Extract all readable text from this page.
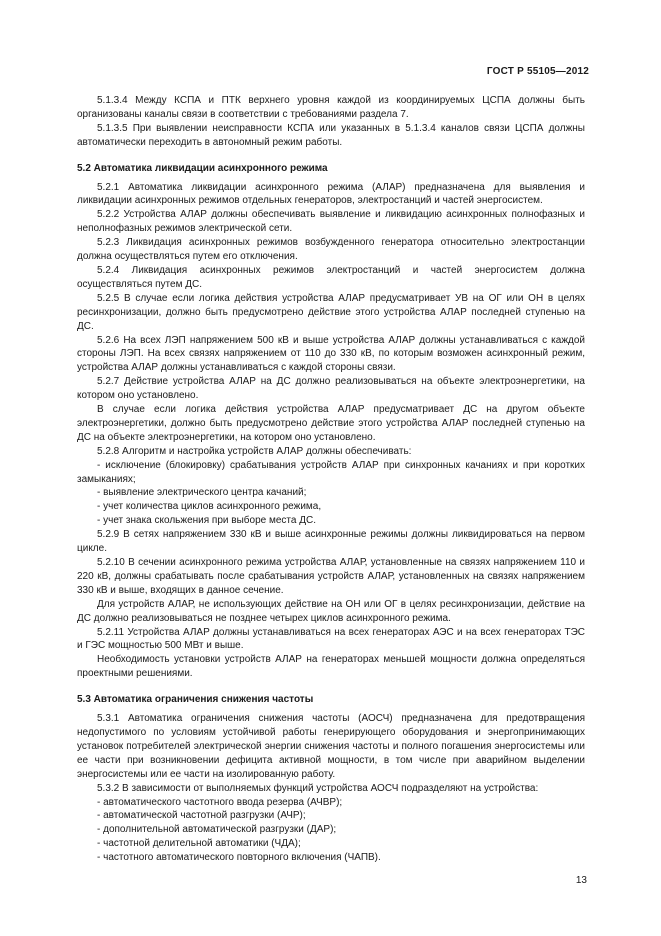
ГОСТ Р 55105—2012

5.1.3.4 Между КСПА и ПТК верхнего уровня каждой из координируемых ЦСПА должны быть организованы каналы связи в соответствии с требованиями раздела 7.

5.1.3.5 При выявлении неисправности КСПА или указанных в 5.1.3.4 каналов связи ЦСПА должны автоматически переходить в автономный режим работы.

5.2 Автоматика ликвидации асинхронного режима

5.2.1 Автоматика ликвидации асинхронного режима (АЛАР) предназначена для выявления и ликвидации асинхронных режимов отдельных генераторов, электростанций и частей энергосистем.

5.2.2 Устройства АЛАР должны обеспечивать выявление и ликвидацию асинхронных полнофазных и неполнофазных режимов электрической сети.

5.2.3 Ликвидация асинхронных режимов возбужденного генератора относительно электростанции должна осуществляться путем его отключения.

5.2.4 Ликвидация асинхронных режимов электростанций и частей энергосистем должна осуществляться путем ДС.

5.2.5 В случае если логика действия устройства АЛАР предусматривает УВ на ОГ или ОН в целях ресинхронизации, должно быть предусмотрено действие этого устройства АЛАР последней ступенью на ДС.

5.2.6 На всех ЛЭП напряжением 500 кВ и выше устройства АЛАР должны устанавливаться с каждой стороны ЛЭП. На всех связях напряжением от 110 до 330 кВ, по которым возможен асинхронный режим, устройства АЛАР должны устанавливаться с каждой стороны связи.

5.2.7 Действие устройства АЛАР на ДС должно реализовываться на объекте электроэнергетики, на котором оно установлено.

В случае если логика действия устройства АЛАР предусматривает ДС на другом объекте электроэнергетики, должно быть предусмотрено действие этого устройства АЛАР последней ступенью на ДС на объекте электроэнергетики, на котором оно установлено.

5.2.8 Алгоритм и настройка устройств АЛАР должны обеспечивать:

- исключение (блокировку) срабатывания устройств АЛАР при синхронных качаниях и при коротких замыканиях;

- выявление электрического центра качаний;

- учет количества циклов асинхронного режима,

- учет знака скольжения при выборе места ДС.

5.2.9 В сетях напряжением 330 кВ и выше асинхронные режимы должны ликвидироваться на первом цикле.

5.2.10 В сечении асинхронного режима устройства АЛАР, установленные на связях напряжением 110 и 220 кВ, должны срабатывать после срабатывания устройств АЛАР, установленных на связях напряжением 330 кВ и выше, входящих в данное сечение.

Для устройств АЛАР, не использующих действие на ОН или ОГ в целях ресинхронизации, действие на ДС должно реализовываться не позднее четырех циклов асинхронного режима.

5.2.11 Устройства АЛАР должны устанавливаться на всех генераторах АЭС и на всех генераторах ТЭС и ГЭС мощностью 500 МВт и выше.

Необходимость установки устройств АЛАР на генераторах меньшей мощности должна определяться проектными решениями.

5.3 Автоматика ограничения снижения частоты

5.3.1 Автоматика ограничения снижения частоты (АОСЧ) предназначена для предотвращения недопустимого по условиям устойчивой работы генерирующего оборудования и энергопринимающих установок потребителей электрической энергии снижения частоты и полного погашения энергосистемы или ее части при возникновении дефицита активной мощности, в том числе при аварийном выделении энергосистемы или ее части на изолированную работу.

5.3.2 В зависимости от выполняемых функций устройства АОСЧ подразделяют на устройства:

- автоматического частотного ввода резерва (АЧВР);

- автоматической частотной разгрузки (АЧР);

- дополнительной автоматической разгрузки (ДАР);

- частотной делительной автоматики (ЧДА);

- частотного автоматического повторного включения (ЧАПВ).

13
